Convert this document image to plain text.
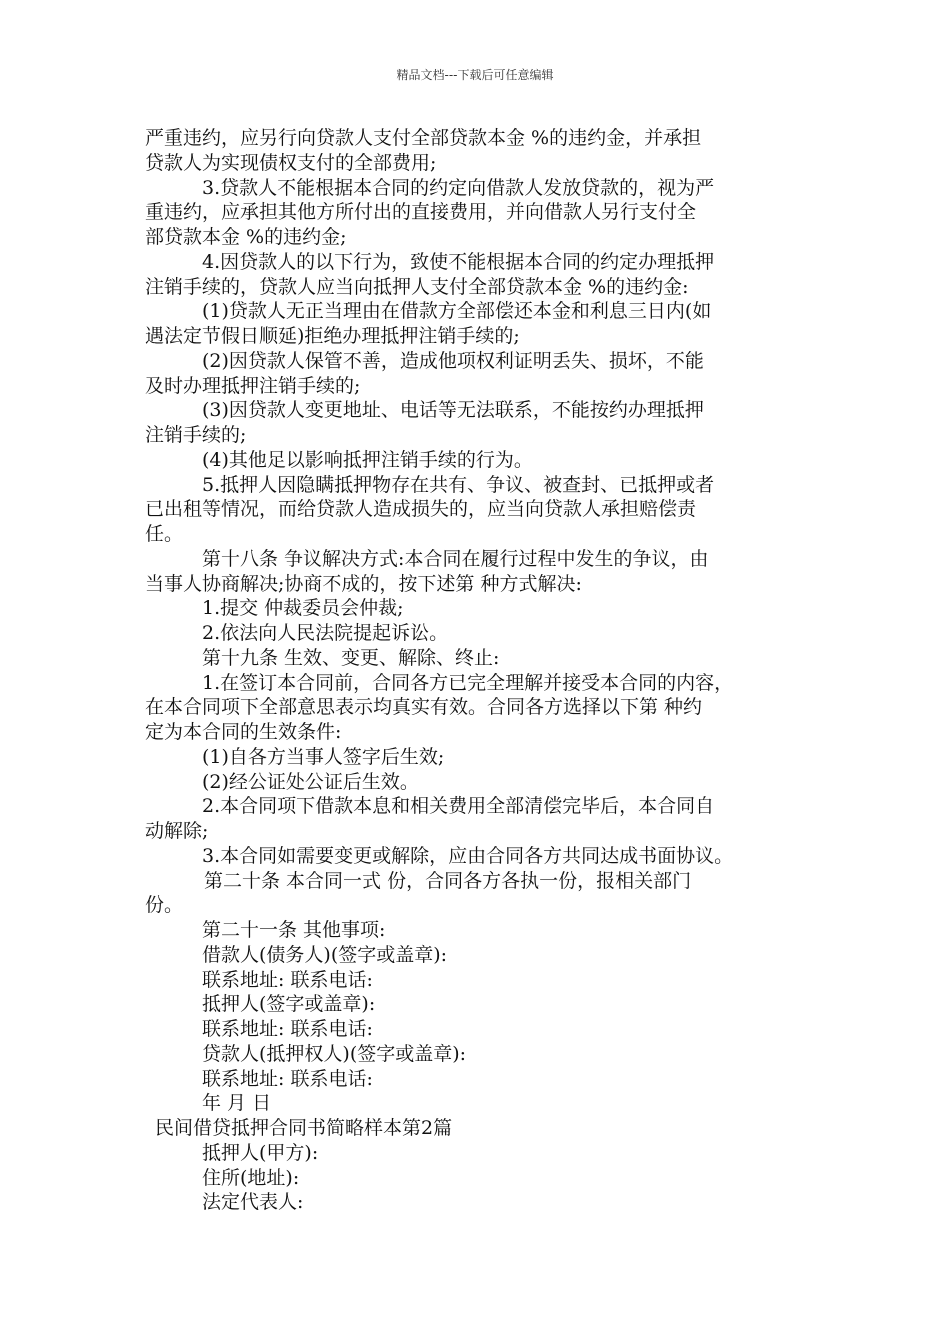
精品文档---下载后可任意编辑
严重违约，应另行向贷款人支付全部贷款本金 %的违约金，并承担
贷款人为实现债权支付的全部费用;
3.贷款人不能根据本合同的约定向借款人发放贷款的，视为严
重违约，应承担其他方所付出的直接费用，并向借款人另行支付全
部贷款本金 %的违约金;
4.因贷款人的以下行为，致使不能根据本合同的约定办理抵押
注销手续的，贷款人应当向抵押人支付全部贷款本金 %的违约金:
(1)贷款人无正当理由在借款方全部偿还本金和利息三日内(如
遇法定节假日顺延)拒绝办理抵押注销手续的;
(2)因贷款人保管不善，造成他项权利证明丢失、损坏，不能
及时办理抵押注销手续的;
(3)因贷款人变更地址、电话等无法联系，不能按约办理抵押
注销手续的;
(4)其他足以影响抵押注销手续的行为。
5.抵押人因隐瞒抵押物存在共有、争议、被查封、已抵押或者
已出租等情况，而给贷款人造成损失的，应当向贷款人承担赔偿责
任。
第十八条 争议解决方式:本合同在履行过程中发生的争议，由
当事人协商解决;协商不成的，按下述第 种方式解决:
1.提交 仲裁委员会仲裁;
2.依法向人民法院提起诉讼。
第十九条 生效、变更、解除、终止:
1.在签订本合同前，合同各方已完全理解并接受本合同的内容，
在本合同项下全部意思表示均真实有效。合同各方选择以下第 种约
定为本合同的生效条件:
(1)自各方当事人签字后生效;
(2)经公证处公证后生效。
2.本合同项下借款本息和相关费用全部清偿完毕后，本合同自
动解除;
3.本合同如需要变更或解除，应由合同各方共同达成书面协议。
第二十条 本合同一式 份，合同各方各执一份，报相关部门
份。
第二十一条 其他事项:
借款人(债务人)(签字或盖章):
联系地址: 联系电话:
抵押人(签字或盖章):
联系地址: 联系电话:
贷款人(抵押权人)(签字或盖章):
联系地址: 联系电话:
年 月 日
民间借贷抵押合同书简略样本第2篇
抵押人(甲方):
住所(地址):
法定代表人:
